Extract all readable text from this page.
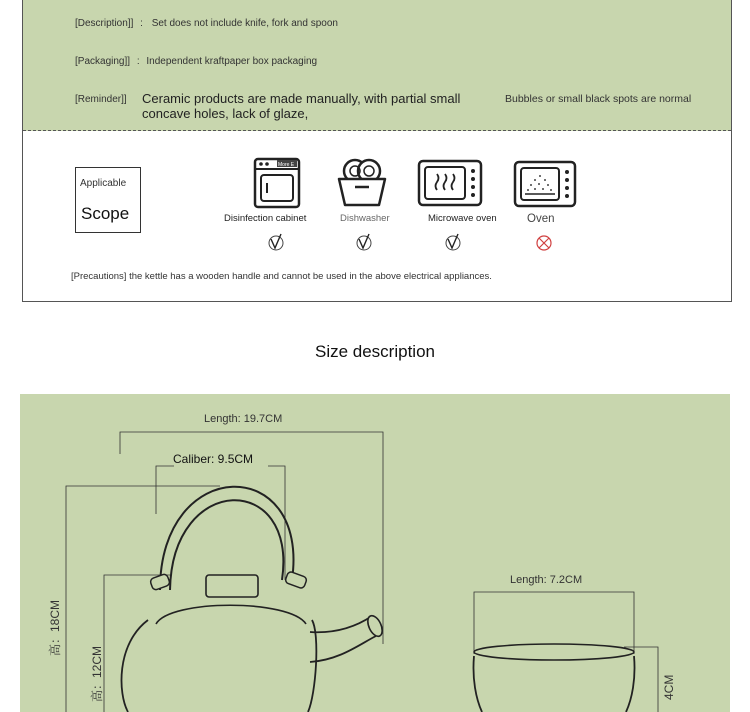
[Description]] : Set does not include knife, fork and spoon
[Packaging]] : Independent kraftpaper box packaging
[Reminder]] Ceramic products are made manually, with partial small
concave holes, lack of glaze,
Bubbles or small black spots are normal
Applicable
Scope
More E
Disinfection cabinet	Dishwasher	Microwave oven	Oven
[Precautions] the kettle has a wooden handle and cannot be used in the above electrical appliances.
Size description
Length: 19.7CM
Caliber: 9.5CM
高：18CM
高：12CM
Length: 7.2CM
4CM
